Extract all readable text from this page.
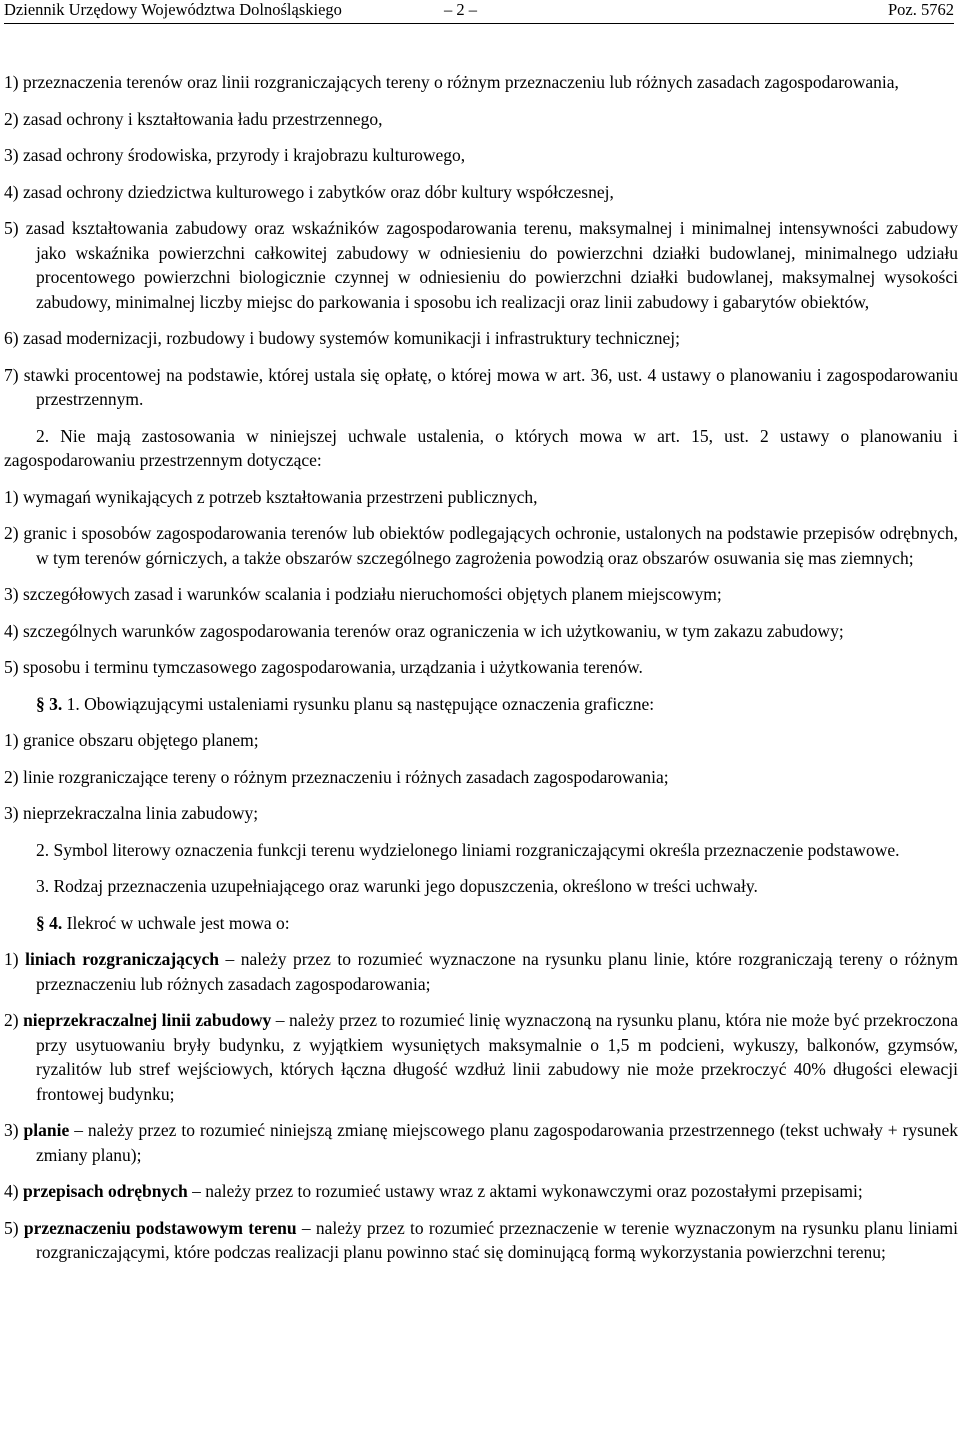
Dziennik Urzędowy Województwa Dolnośląskiego	– 2 –	Poz. 5762

1) przeznaczenia terenów oraz linii rozgraniczających tereny o różnym przeznaczeniu lub różnych zasadach zagospodarowania,

2) zasad ochrony i kształtowania ładu przestrzennego,

3) zasad ochrony środowiska, przyrody i krajobrazu kulturowego,

4) zasad ochrony dziedzictwa kulturowego i zabytków oraz dóbr kultury współczesnej,

5) zasad kształtowania zabudowy oraz wskaźników zagospodarowania terenu, maksymalnej i minimalnej intensywności zabudowy jako wskaźnika powierzchni całkowitej zabudowy w odniesieniu do powierzchni działki budowlanej, minimalnego udziału procentowego powierzchni biologicznie czynnej w odniesieniu do powierzchni działki budowlanej, maksymalnej wysokości zabudowy, minimalnej liczby miejsc do parkowania i sposobu ich realizacji oraz linii zabudowy i gabarytów obiektów,

6) zasad modernizacji, rozbudowy i budowy systemów komunikacji i infrastruktury technicznej;

7) stawki procentowej na podstawie, której ustala się opłatę, o której mowa w art. 36, ust. 4 ustawy o planowaniu i zagospodarowaniu przestrzennym.

2. Nie mają zastosowania w niniejszej uchwale ustalenia, o których mowa w art. 15, ust. 2 ustawy o planowaniu i zagospodarowaniu przestrzennym dotyczące:

1) wymagań wynikających z potrzeb kształtowania przestrzeni publicznych,

2) granic i sposobów zagospodarowania terenów lub obiektów podlegających ochronie, ustalonych na podstawie przepisów odrębnych, w tym terenów górniczych, a także obszarów szczególnego zagrożenia powodzią oraz obszarów osuwania się mas ziemnych;

3) szczegółowych zasad i warunków scalania i podziału nieruchomości objętych planem miejscowym;

4) szczególnych warunków zagospodarowania terenów oraz ograniczenia w ich użytkowaniu, w tym zakazu zabudowy;

5) sposobu i terminu tymczasowego zagospodarowania, urządzania i użytkowania terenów.

§ 3. 1. Obowiązującymi ustaleniami rysunku planu są następujące oznaczenia graficzne:

1) granice obszaru objętego planem;

2) linie rozgraniczające tereny o różnym przeznaczeniu i różnych zasadach zagospodarowania;

3) nieprzekraczalna linia zabudowy;

2. Symbol literowy oznaczenia funkcji terenu wydzielonego liniami rozgraniczającymi określa przeznaczenie podstawowe.

3. Rodzaj przeznaczenia uzupełniającego oraz warunki jego dopuszczenia, określono w treści uchwały.

§ 4. Ilekroć w uchwale jest mowa o:

1) liniach rozgraniczających – należy przez to rozumieć wyznaczone na rysunku planu linie, które rozgraniczają tereny o różnym przeznaczeniu lub różnych zasadach zagospodarowania;

2) nieprzekraczalnej linii zabudowy – należy przez to rozumieć linię wyznaczoną na rysunku planu, która nie może być przekroczona przy usytuowaniu bryły budynku, z wyjątkiem wysuniętych maksymalnie o 1,5 m podcieni, wykuszy, balkonów, gzymsów, ryzalitów lub stref wejściowych, których łączna długość wzdłuż linii zabudowy nie może przekroczyć 40% długości elewacji frontowej budynku;

3) planie – należy przez to rozumieć niniejszą zmianę miejscowego planu zagospodarowania przestrzennego (tekst uchwały + rysunek zmiany planu);

4) przepisach odrębnych – należy przez to rozumieć ustawy wraz z aktami wykonawczymi oraz pozostałymi przepisami;

5) przeznaczeniu podstawowym terenu – należy przez to rozumieć przeznaczenie w terenie wyznaczonym na rysunku planu liniami rozgraniczającymi, które podczas realizacji planu powinno stać się dominującą formą wykorzystania powierzchni terenu;
